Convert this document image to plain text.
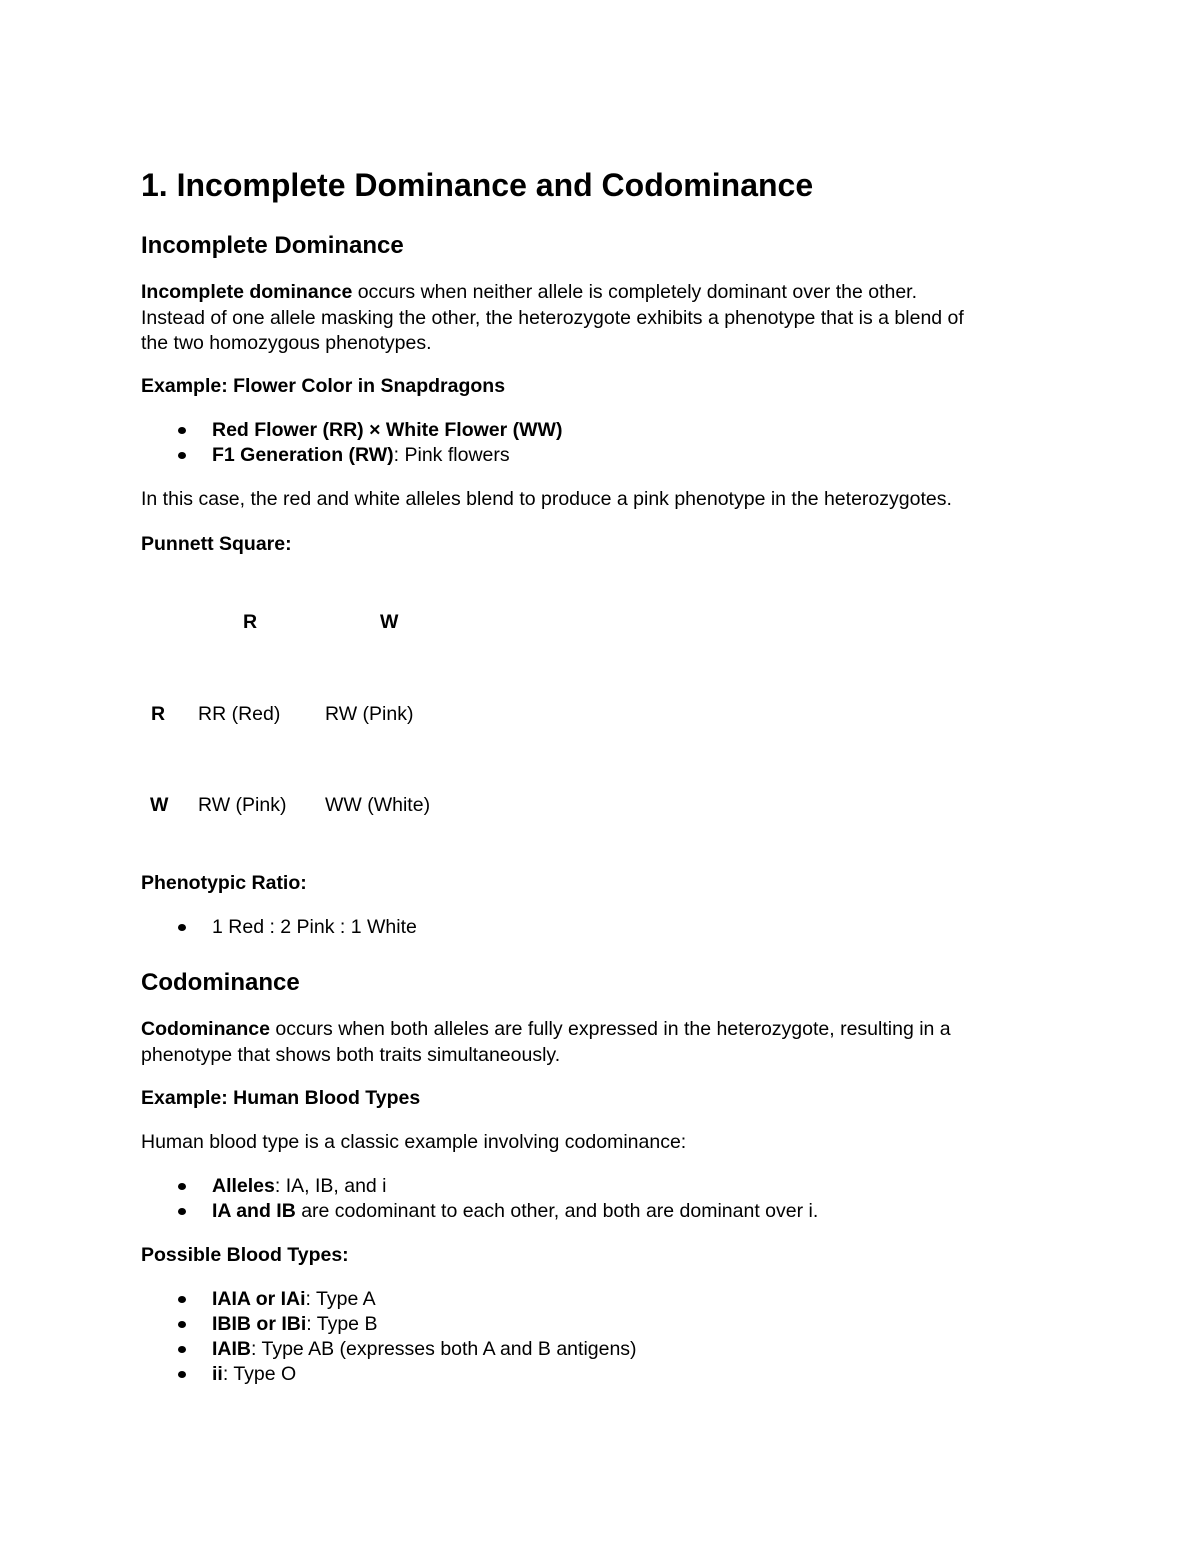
1. Incomplete Dominance and Codominance
Incomplete Dominance
Incomplete dominance occurs when neither allele is completely dominant over the other.
Instead of one allele masking the other, the heterozygote exhibits a phenotype that is a blend of
the two homozygous phenotypes.
Example: Flower Color in Snapdragons
Red Flower (RR) × White Flower (WW)
F1 Generation (RW): Pink flowers
In this case, the red and white alleles blend to produce a pink phenotype in the heterozygotes.
Punnett Square:
R	W
R RR (Red) RW (Pink)
W RW (Pink) WW (White)
Phenotypic Ratio:
1 Red : 2 Pink : 1 White
Codominance
Codominance occurs when both alleles are fully expressed in the heterozygote, resulting in a
phenotype that shows both traits simultaneously.
Example: Human Blood Types
Human blood type is a classic example involving codominance:
Alleles: IA, IB, and i
IA and IB are codominant to each other, and both are dominant over i.
Possible Blood Types:
IAIA or IAi: Type A
IBIB or IBi: Type B
IAIB: Type AB (expresses both A and B antigens)
ii: Type O
